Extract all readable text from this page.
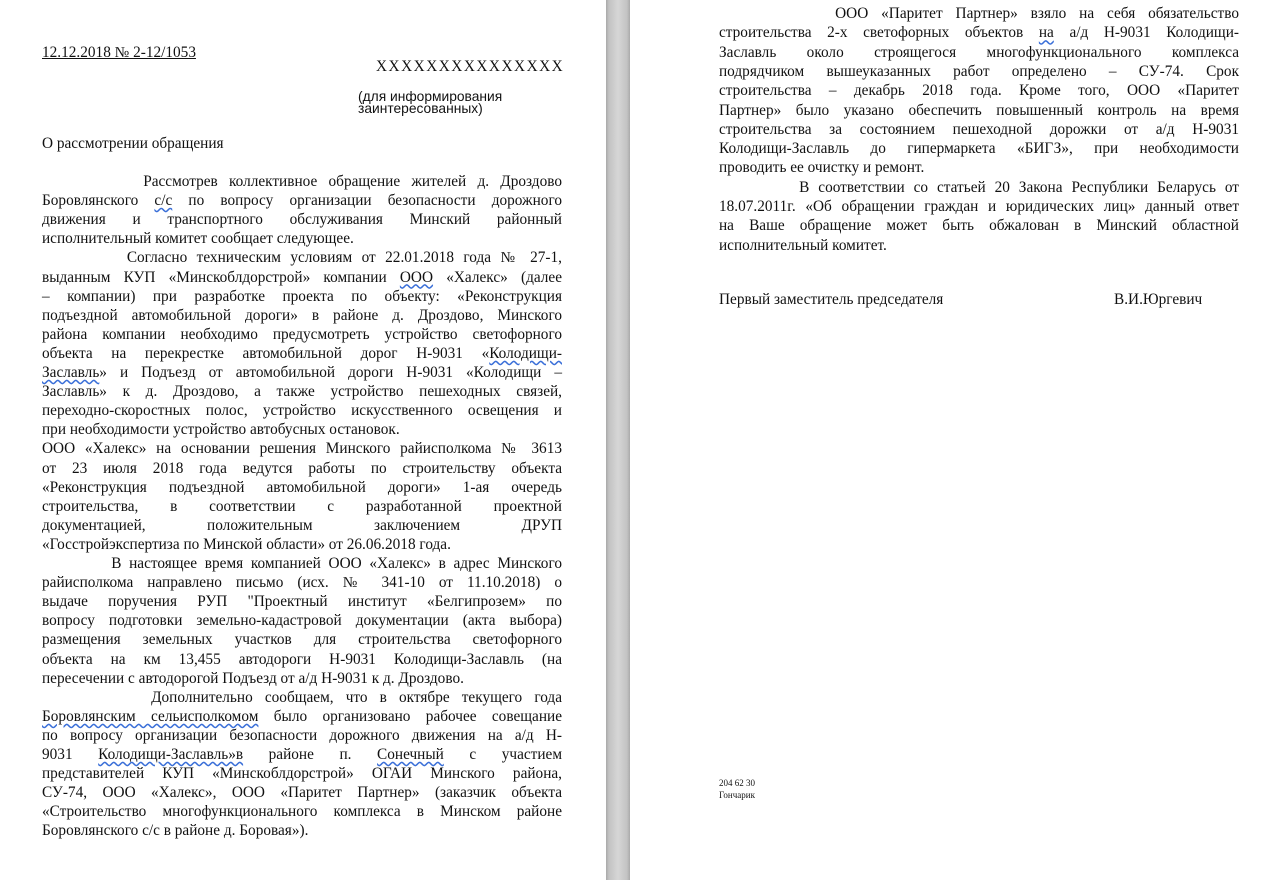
12.12.2018 № 2-12/1053
ХХХХХХХХХХХХХХХ
(для информирования
заинтересованных)
О рассмотрении обращения
Рассмотрев коллективное обращение жителей д. Дроздово
Боровлянского с/с по вопросу организации безопасности дорожного
движения и транспортного обслуживания Минский районный
исполнительный комитет сообщает следующее.
Согласно техническим условиям от 22.01.2018 года № 27-1,
выданным КУП «Минскоблдорстрой» компании ООО «Халекс» (далее
– компании) при разработке проекта по объекту: «Реконструкция
подъездной автомобильной дороги» в районе д. Дроздово, Минского
района компании необходимо предусмотреть устройство светофорного
объекта на перекрестке автомобильной дорог Н-9031 «Колодищи-
Заславль» и Подъезд от автомобильной дороги Н-9031 «Колодищи –
Заславль» к д. Дроздово, а также устройство пешеходных связей,
переходно-скоростных полос, устройство искусственного освещения и
при необходимости устройство автобусных остановок.
ООО «Халекс» на основании решения Минского райисполкома № 3613
от 23 июля 2018 года ведутся работы по строительству объекта
«Реконструкция подъездной автомобильной дороги» 1-ая очередь
строительства, в соответствии с разработанной проектной
документацией, положительным заключением ДРУП
«Госстройэкспертиза по Минской области» от 26.06.2018 года.
В настоящее время компанией ООО «Халекс» в адрес Минского
райисполкома направлено письмо (исх. № 341-10 от 11.10.2018) о
выдаче поручения РУП "Проектный институт «Белгипрозем» по
вопросу подготовки земельно-кадастровой документации (акта выбора)
размещения земельных участков для строительства светофорного
объекта на км 13,455 автодороги Н-9031 Колодищи-Заславль (на
пересечении с автодорогой Подъезд от а/д Н-9031 к д. Дроздово.
Дополнительно сообщаем, что в октябре текущего года
Боровлянским сельисполкомом было организовано рабочее совещание
по вопросу организации безопасности дорожного движения на а/д Н-
9031 Колодищи-Заславль»в районе п. Сонечный с участием
представителей КУП «Минскоблдорстрой» ОГАИ Минского района,
СУ-74, ООО «Халекс», ООО «Паритет Партнер» (заказчик объекта
«Строительство многофункционального комплекса в Минском районе
Боровлянского с/с в районе д. Боровая»).
ООО «Паритет Партнер» взяло на себя обязательство
строительства 2-х светофорных объектов на а/д Н-9031 Колодищи-
Заславль около строящегося многофункционального комплекса
подрядчиком вышеуказанных работ определено – СУ-74. Срок
строительства – декабрь 2018 года. Кроме того, ООО «Паритет
Партнер» было указано обеспечить повышенный контроль на время
строительства за состоянием пешеходной дорожки от а/д Н-9031
Колодищи-Заславль до гипермаркета «БИГЗ», при необходимости
проводить ее очистку и ремонт.
В соответствии со статьей 20 Закона Республики Беларусь от
18.07.2011г. «Об обращении граждан и юридических лиц» данный ответ
на Ваше обращение может быть обжалован в Минский областной
исполнительный комитет.
Первый заместитель председателя	В.И.Юргевич
204 62 30
Гончарик
